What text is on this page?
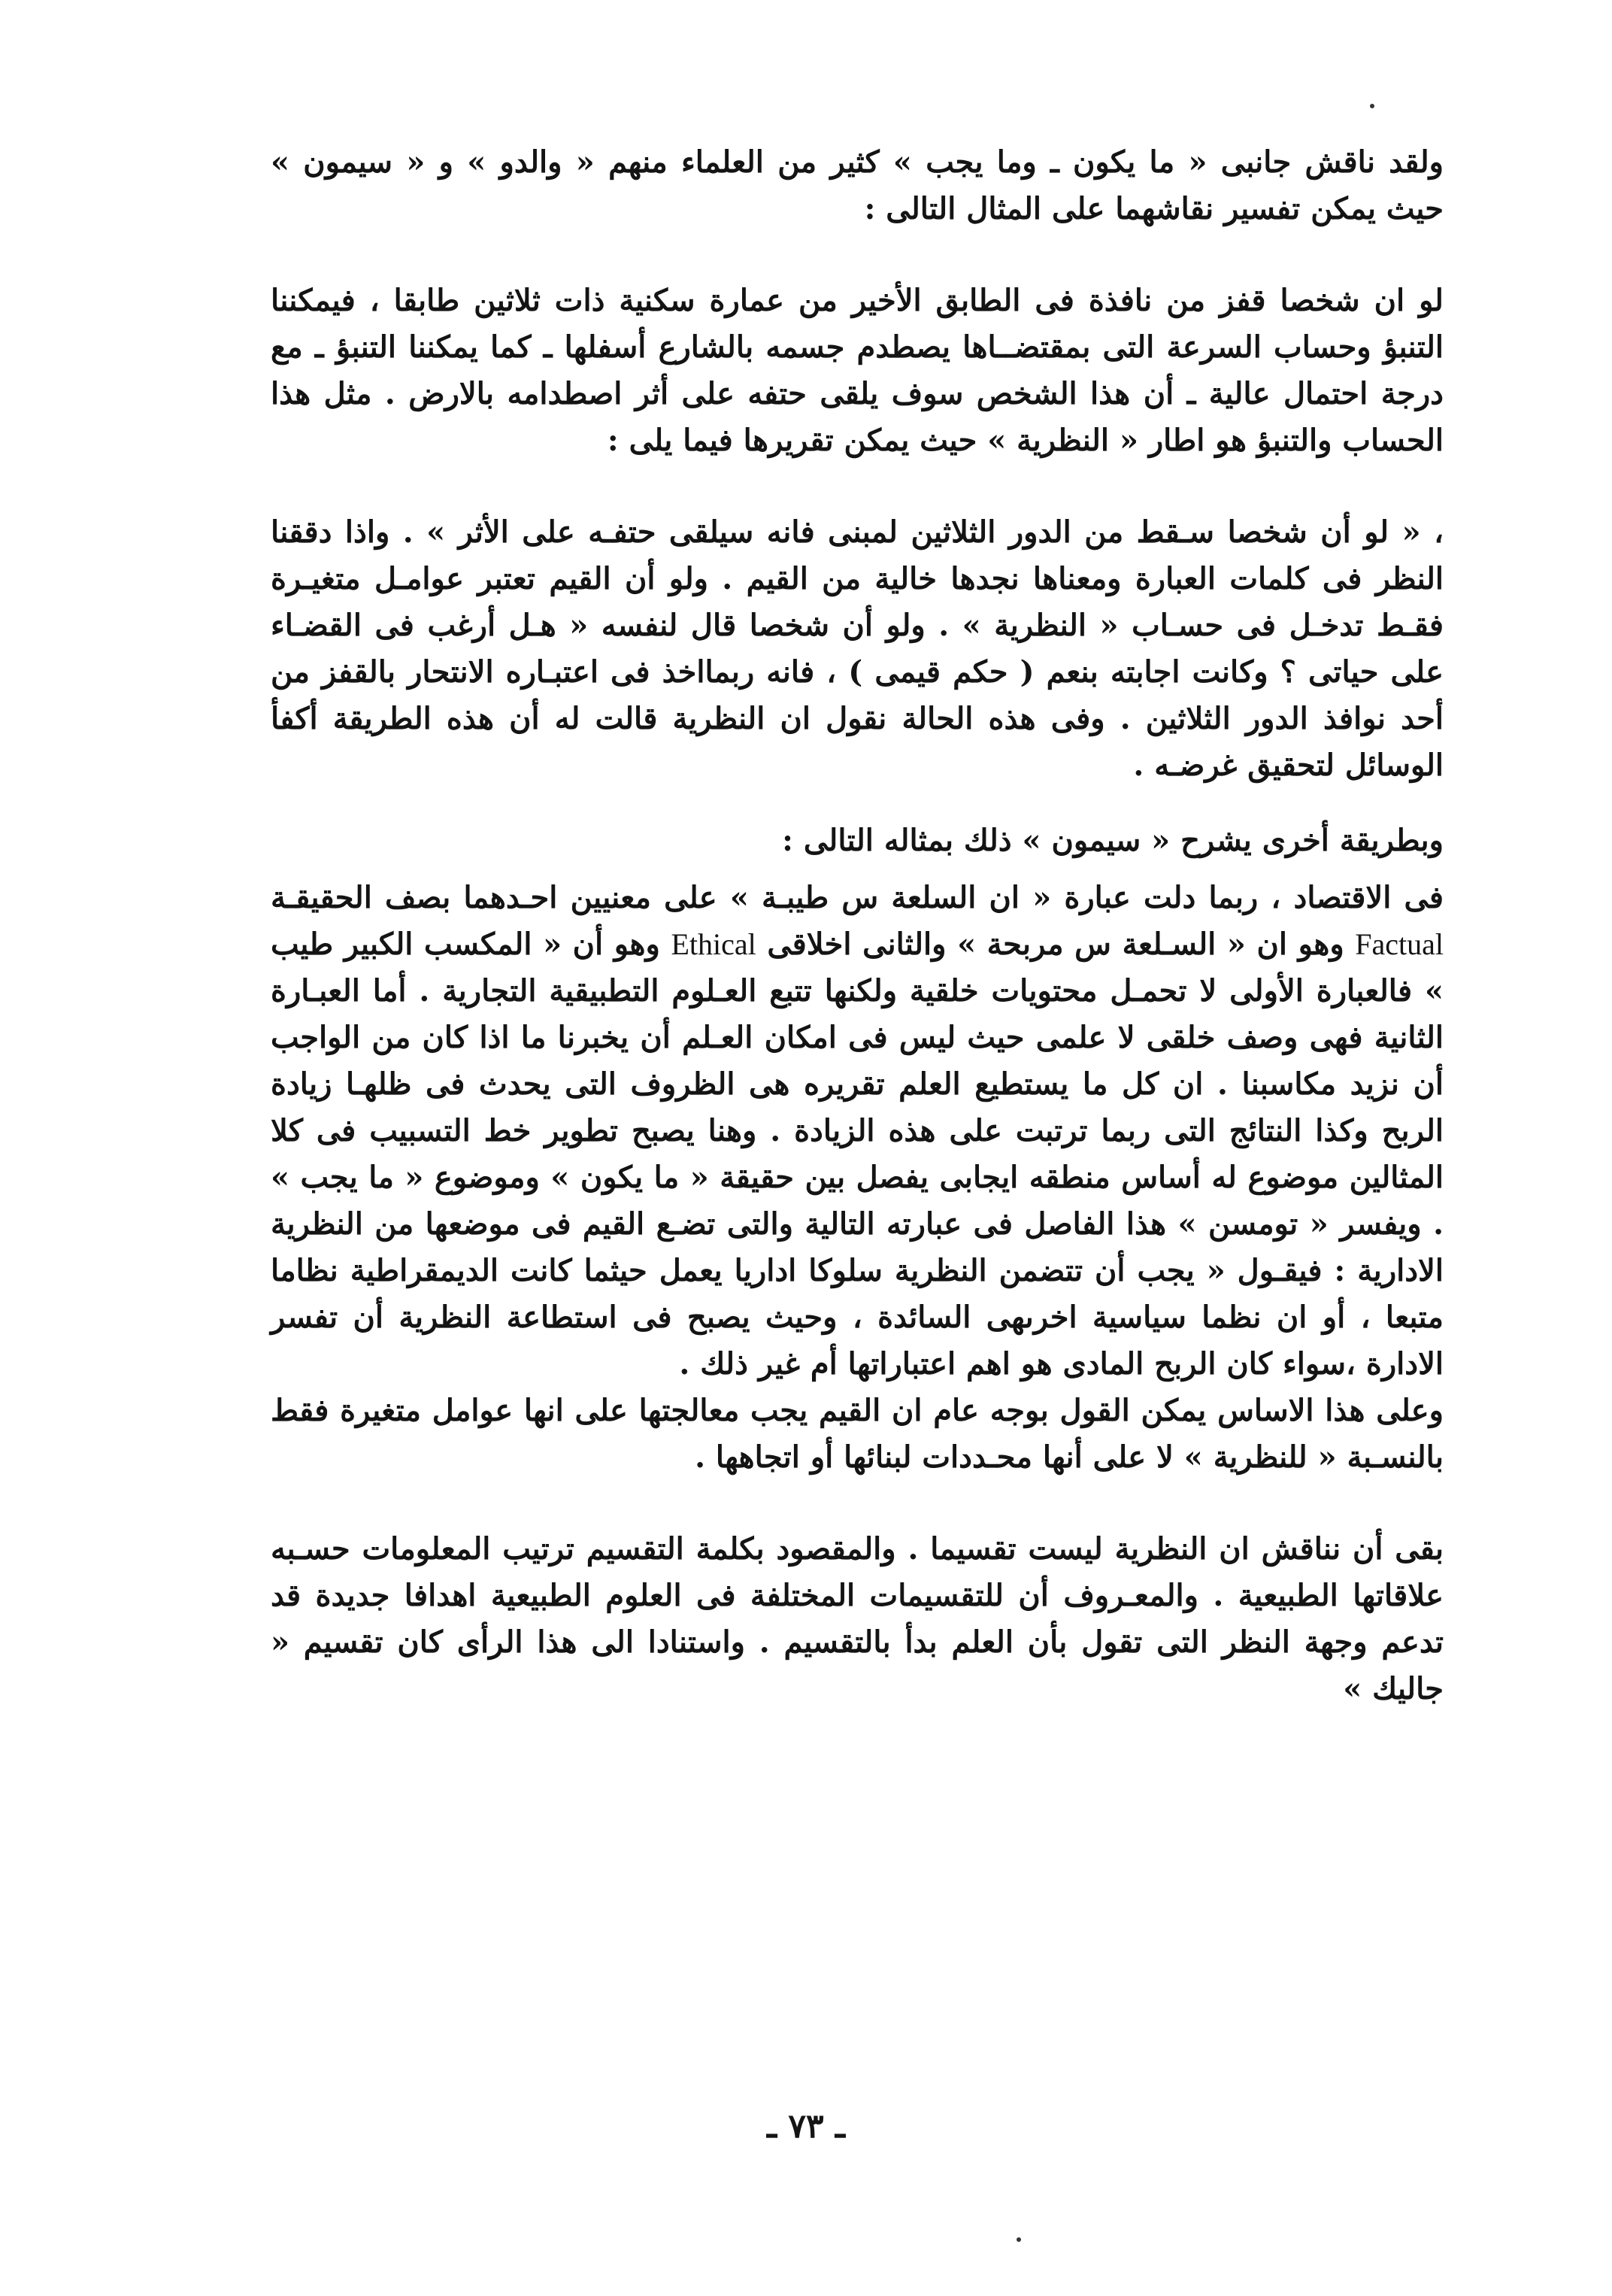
ولقد ناقش جانبى « ما يكون ـ وما يجب » كثير من العلماء منهم « والدو » و « سيمون » حيث يمكن تفسير نقاشهما على المثال التالى :

لو ان شخصا قفز من نافذة فى الطابق الأخير من عمارة سكنية ذات ثلاثين طابقا ، فيمكننا التنبؤ وحساب السرعة التى بمقتضــاها يصطدم جسمه بالشارع أسفلها ـ كما يمكننا التنبؤ ـ مع درجة احتمال عالية ـ أن هذا الشخص سوف يلقى حتفه على أثر اصطدامه بالارض . مثل هذا الحساب والتنبؤ هو اطار « النظرية » حيث يمكن تقريرها فيما يلى :

، « لو أن شخصا سـقط من الدور الثلاثين لمبنى فانه سيلقى حتفـه على الأثر » . واذا دققنا النظر فى كلمات العبارة ومعناها نجدها خالية من القيم . ولو أن القيم تعتبر عوامـل متغيـرة فقـط تدخـل فى حسـاب « النظرية » . ولو أن شخصا قال لنفسه « هـل أرغب فى القضـاء على حياتى ؟ وكانت اجابته بنعم ( حكم قيمى ) ، فانه ربمااخذ فى اعتبـاره الانتحار بالقفز من أحد نوافذ الدور الثلاثين . وفى هذه الحالة نقول ان النظرية قالت له أن هذه الطريقة أكفأ الوسائل لتحقيق غرضـه .

وبطريقة أخرى يشرح « سيمون » ذلك بمثاله التالى :

فى الاقتصاد ، ربما دلت عبارة « ان السلعة س طيبـة » على معنيين احـدهما بصف الحقيقـة Factual وهو ان « السـلعة س مربحة » والثانى اخلاقى Ethical وهو أن « المكسب الكبير طيب » فالعبارة الأولى لا تحمـل محتويات خلقية ولكنها تتبع العـلوم التطبيقية التجارية . أما العبـارة الثانية فهى وصف خلقى لا علمى حيث ليس فى امكان العـلم أن يخبرنا ما اذا كان من الواجب أن نزيد مكاسبنا . ان كل ما يستطيع العلم تقريره هى الظروف التى يحدث فى ظلهـا زيادة الربح وكذا النتائج التى ربما ترتبت على هذه الزيادة . وهنا يصبح تطوير خط التسبيب فى كلا المثالين موضوع له أساس منطقه ايجابى يفصل بين حقيقة « ما يكون » وموضوع « ما يجب » . ويفسر « تومسن » هذا الفاصل فى عبارته التالية والتى تضـع القيم فى موضعها من النظرية الادارية : فيقـول « يجب أن تتضمن النظرية سلوكا اداريا يعمل حيثما كانت الديمقراطية نظاما متبعا ، أو ان نظما سياسية اخرىهى السائدة ، وحيث يصبح فى استطاعة النظرية أن تفسر الادارة ،سواء كان الربح المادى هو اهم اعتباراتها أم غير ذلك .

وعلى هذا الاساس يمكن القول بوجه عام ان القيم يجب معالجتها على انها عوامل متغيرة فقط بالنسـبة « للنظرية » لا على أنها محـددات لبنائها أو اتجاهها .

بقى أن نناقش ان النظرية ليست تقسيما . والمقصود بكلمة التقسيم ترتيب المعلومات حسـبه علاقاتها الطبيعية . والمعـروف أن للتقسيمات المختلفة فى العلوم الطبيعية اهدافا جديدة قد تدعم وجهة النظر التى تقول بأن العلم بدأ بالتقسيم . واستنادا الى هذا الرأى كان تقسيم « جاليك »

ـ ٧٣ ـ
